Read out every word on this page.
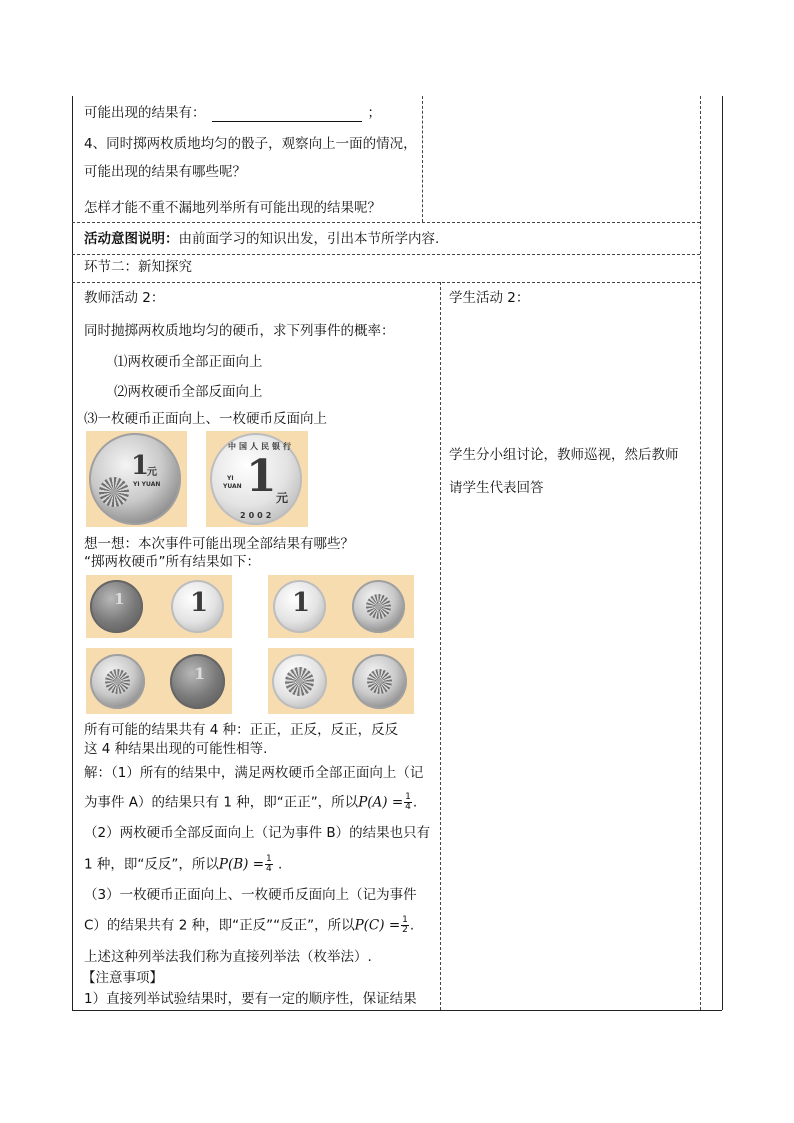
可能出现的结果有：	；
4、同时掷两枚质地均匀的骰子，观察向上一面的情况，
可能出现的结果有哪些呢？
怎样才能不重不漏地列举所有可能出现的结果呢？
活动意图说明：由前面学习的知识出发，引出本节所学内容.
环节二：新知探究
教师活动 2：
同时抛掷两枚质地均匀的硬币，求下列事件的概率：
⑴两枚硬币全部正面向上
⑵两枚硬币全部反面向上
⑶一枚硬币正面向上、一枚硬币反面向上
1
元
YI YUAN
中国人民银行
1 元
YI
YUAN
2002
想一想：本次事件可能出现全部结果有哪些？
“掷两枚硬币”所有结果如下：
1	1	1
1
所有可能的结果共有 4 种：正正，正反，反正，反反
这 4 种结果出现的可能性相等.
解：（1）所有的结果中，满足两枚硬币全部正面向上（记
为事件 A）的结果只有 1 种，即“正正”，所以$P(A) = \frac{1}{4}$ .
（2）两枚硬币全部反面向上（记为事件 B）的结果也只有
1 种，即“反反”，所以$P(B) = \frac{1}{4}$ .
（3）一枚硬币正面向上、一枚硬币反面向上（记为事件
C）的结果共有 2 种，即“正反”“反正”，所以$P(C) = \frac{1}{2}$ .
上述这种列举法我们称为直接列举法（枚举法）.
【注意事项】
1）直接列举试验结果时，要有一定的顺序性，保证结果
学生活动 2：
学生分小组讨论，教师巡视，然后教师
请学生代表回答
